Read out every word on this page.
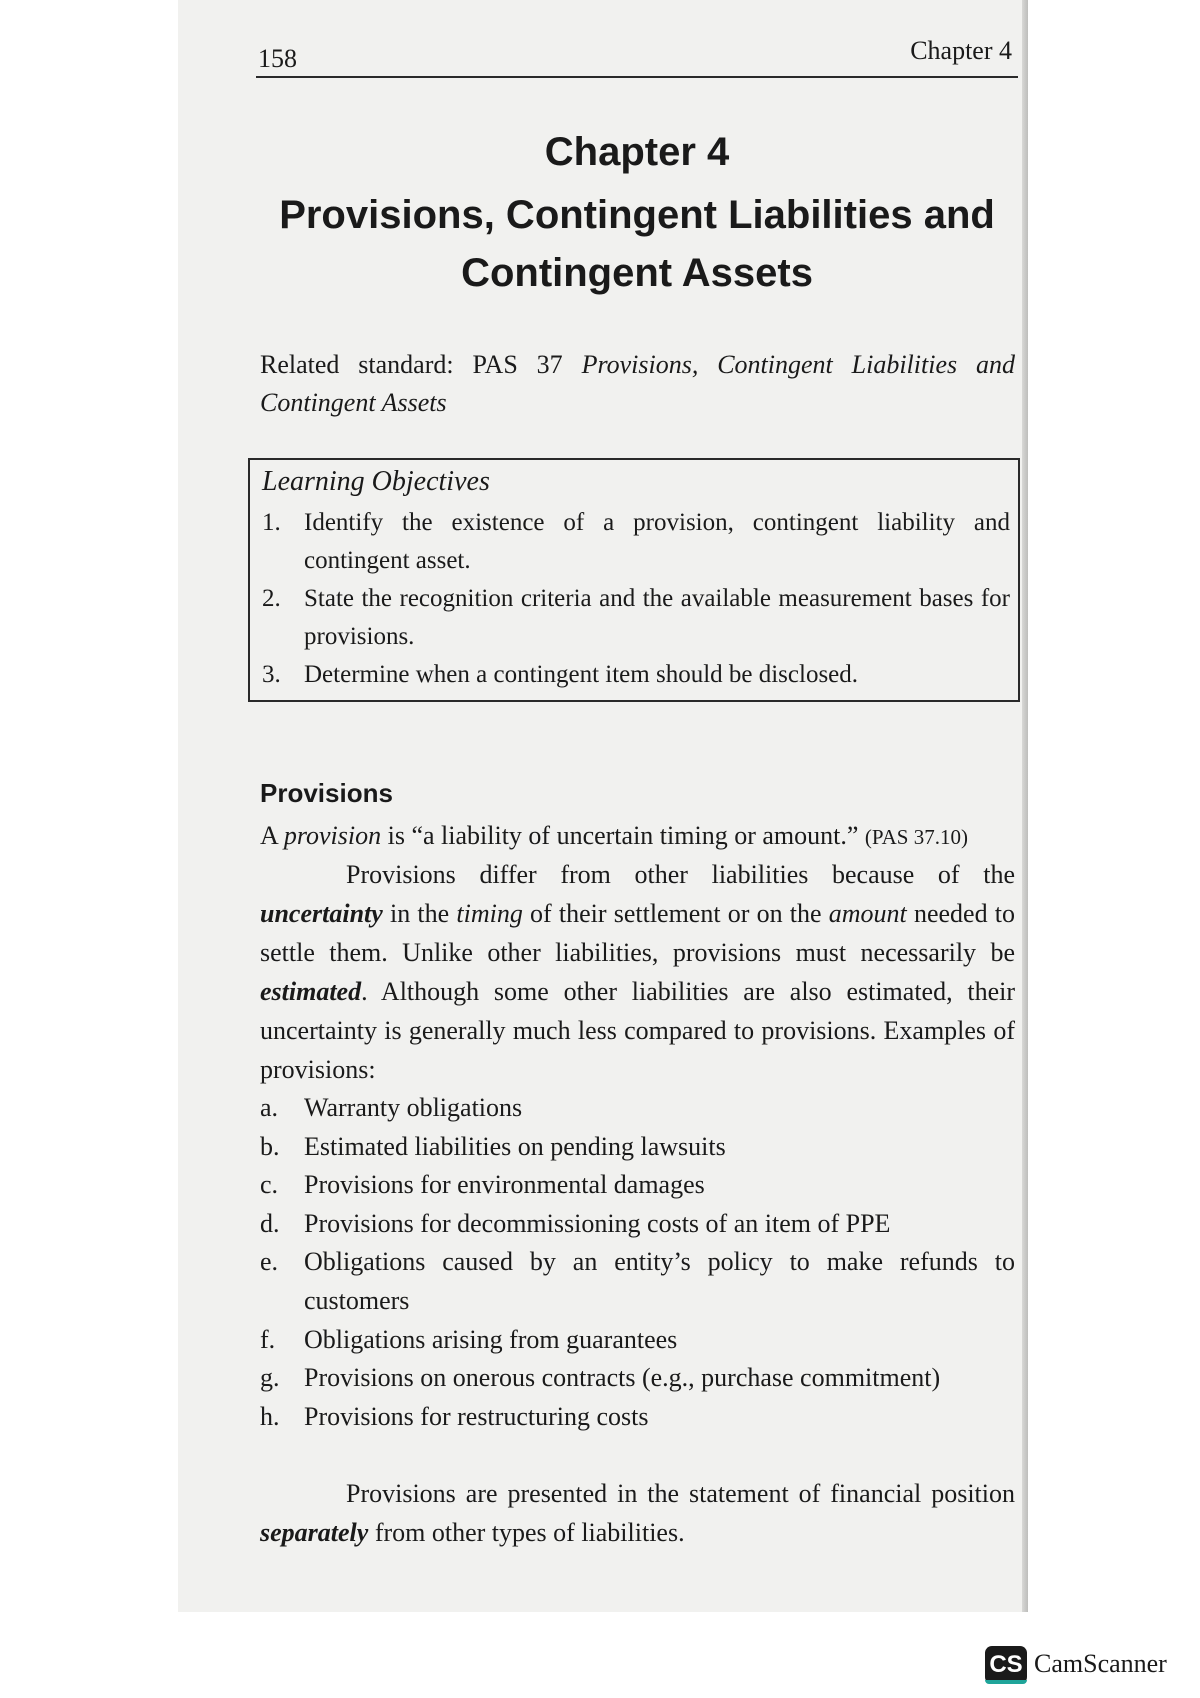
158	Chapter 4
Chapter 4
Provisions, Contingent Liabilities and
Contingent Assets
Related standard: PAS 37 Provisions, Contingent Liabilities and Contingent Assets
Learning Objectives
1. Identify the existence of a provision, contingent liability and contingent asset.
2. State the recognition criteria and the available measurement bases for provisions.
3. Determine when a contingent item should be disclosed.
Provisions
A provision is “a liability of uncertain timing or amount.” (PAS 37.10)
Provisions differ from other liabilities because of the uncertainty in the timing of their settlement or on the amount needed to settle them. Unlike other liabilities, provisions must necessarily be estimated. Although some other liabilities are also estimated, their uncertainty is generally much less compared to provisions. Examples of provisions:
a. Warranty obligations
b. Estimated liabilities on pending lawsuits
c. Provisions for environmental damages
d. Provisions for decommissioning costs of an item of PPE
e. Obligations caused by an entity’s policy to make refunds to customers
f. Obligations arising from guarantees
g. Provisions on onerous contracts (e.g., purchase commitment)
h. Provisions for restructuring costs
Provisions are presented in the statement of financial position separately from other types of liabilities.
CS CamScanner
